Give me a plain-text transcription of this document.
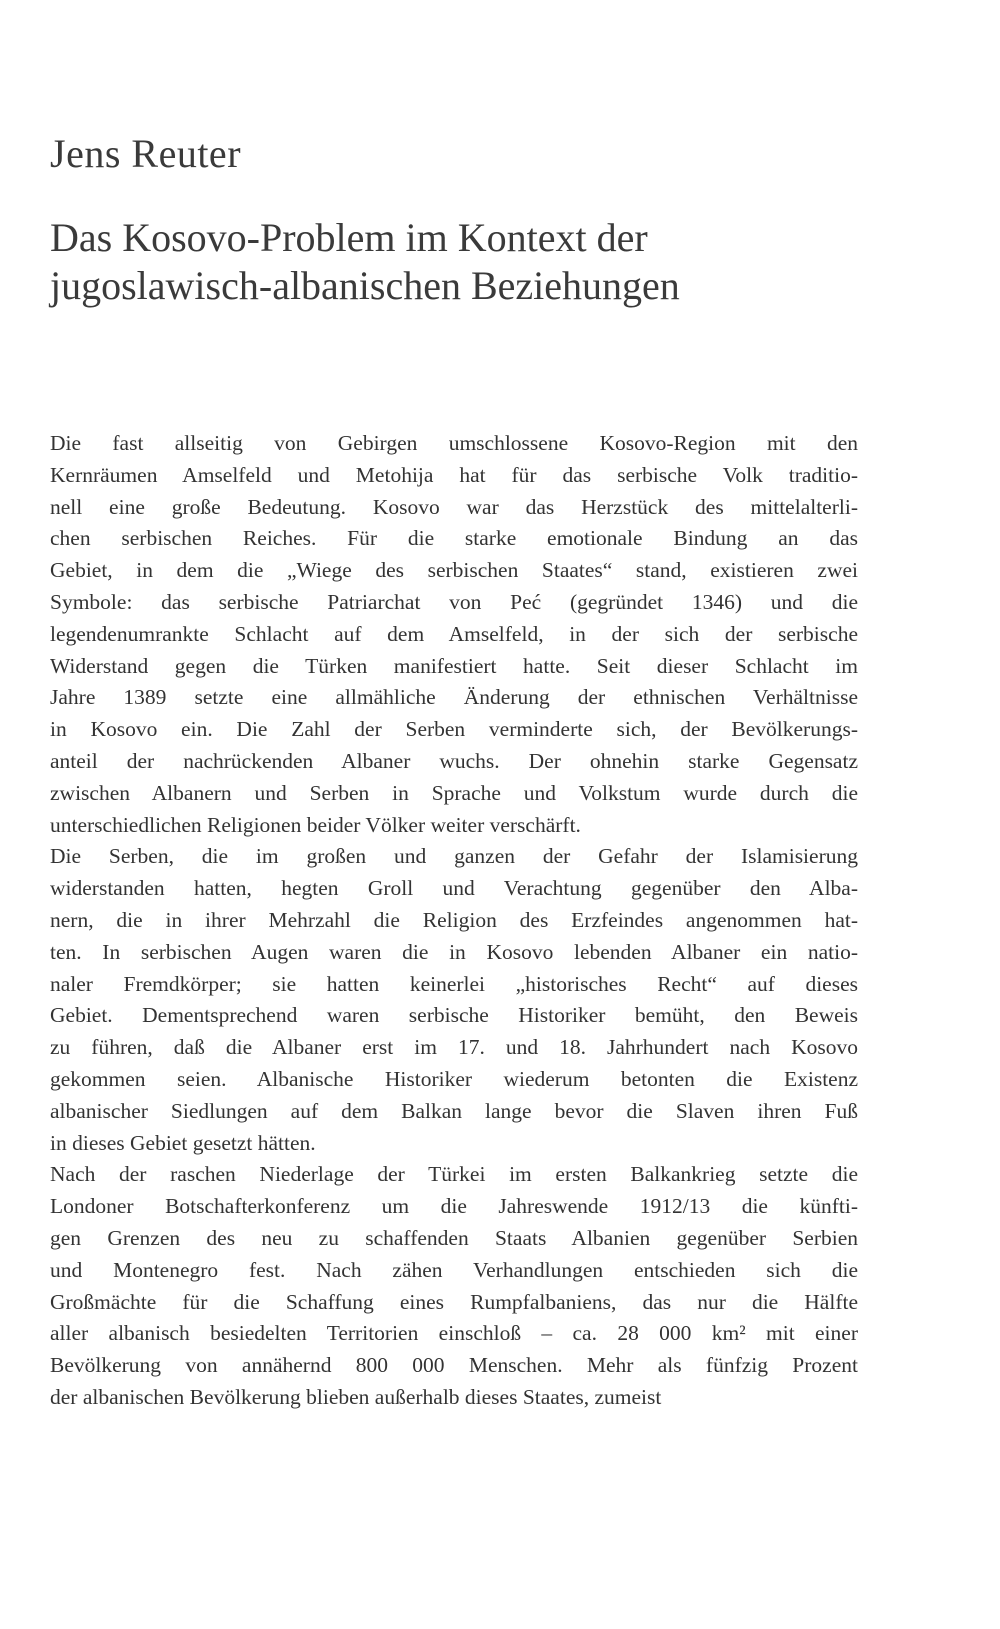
Jens Reuter
Das Kosovo-Problem im Kontext der
jugoslawisch-albanischen Beziehungen
Die fast allseitig von Gebirgen umschlossene Kosovo-Region mit den
Kernräumen Amselfeld und Metohija hat für das serbische Volk traditio-
nell eine große Bedeutung. Kosovo war das Herzstück des mittelalterli-
chen serbischen Reiches. Für die starke emotionale Bindung an das
Gebiet, in dem die „Wiege des serbischen Staates“ stand, existieren zwei
Symbole: das serbische Patriarchat von Peć (gegründet 1346) und die
legendenumrankte Schlacht auf dem Amselfeld, in der sich der serbische
Widerstand gegen die Türken manifestiert hatte. Seit dieser Schlacht im
Jahre 1389 setzte eine allmähliche Änderung der ethnischen Verhältnisse
in Kosovo ein. Die Zahl der Serben verminderte sich, der Bevölkerungs-
anteil der nachrückenden Albaner wuchs. Der ohnehin starke Gegensatz
zwischen Albanern und Serben in Sprache und Volkstum wurde durch die
unterschiedlichen Religionen beider Völker weiter verschärft.
Die Serben, die im großen und ganzen der Gefahr der Islamisierung
widerstanden hatten, hegten Groll und Verachtung gegenüber den Alba-
nern, die in ihrer Mehrzahl die Religion des Erzfeindes angenommen hat-
ten. In serbischen Augen waren die in Kosovo lebenden Albaner ein natio-
naler Fremdkörper; sie hatten keinerlei „historisches Recht“ auf dieses
Gebiet. Dementsprechend waren serbische Historiker bemüht, den Beweis
zu führen, daß die Albaner erst im 17. und 18. Jahrhundert nach Kosovo
gekommen seien. Albanische Historiker wiederum betonten die Existenz
albanischer Siedlungen auf dem Balkan lange bevor die Slaven ihren Fuß
in dieses Gebiet gesetzt hätten.
Nach der raschen Niederlage der Türkei im ersten Balkankrieg setzte die
Londoner Botschafterkonferenz um die Jahreswende 1912/13 die künfti-
gen Grenzen des neu zu schaffenden Staats Albanien gegenüber Serbien
und Montenegro fest. Nach zähen Verhandlungen entschieden sich die
Großmächte für die Schaffung eines Rumpfalbaniens, das nur die Hälfte
aller albanisch besiedelten Territorien einschloß – ca. 28 000 km² mit einer
Bevölkerung von annähernd 800 000 Menschen. Mehr als fünfzig Prozent
der albanischen Bevölkerung blieben außerhalb dieses Staates, zumeist
